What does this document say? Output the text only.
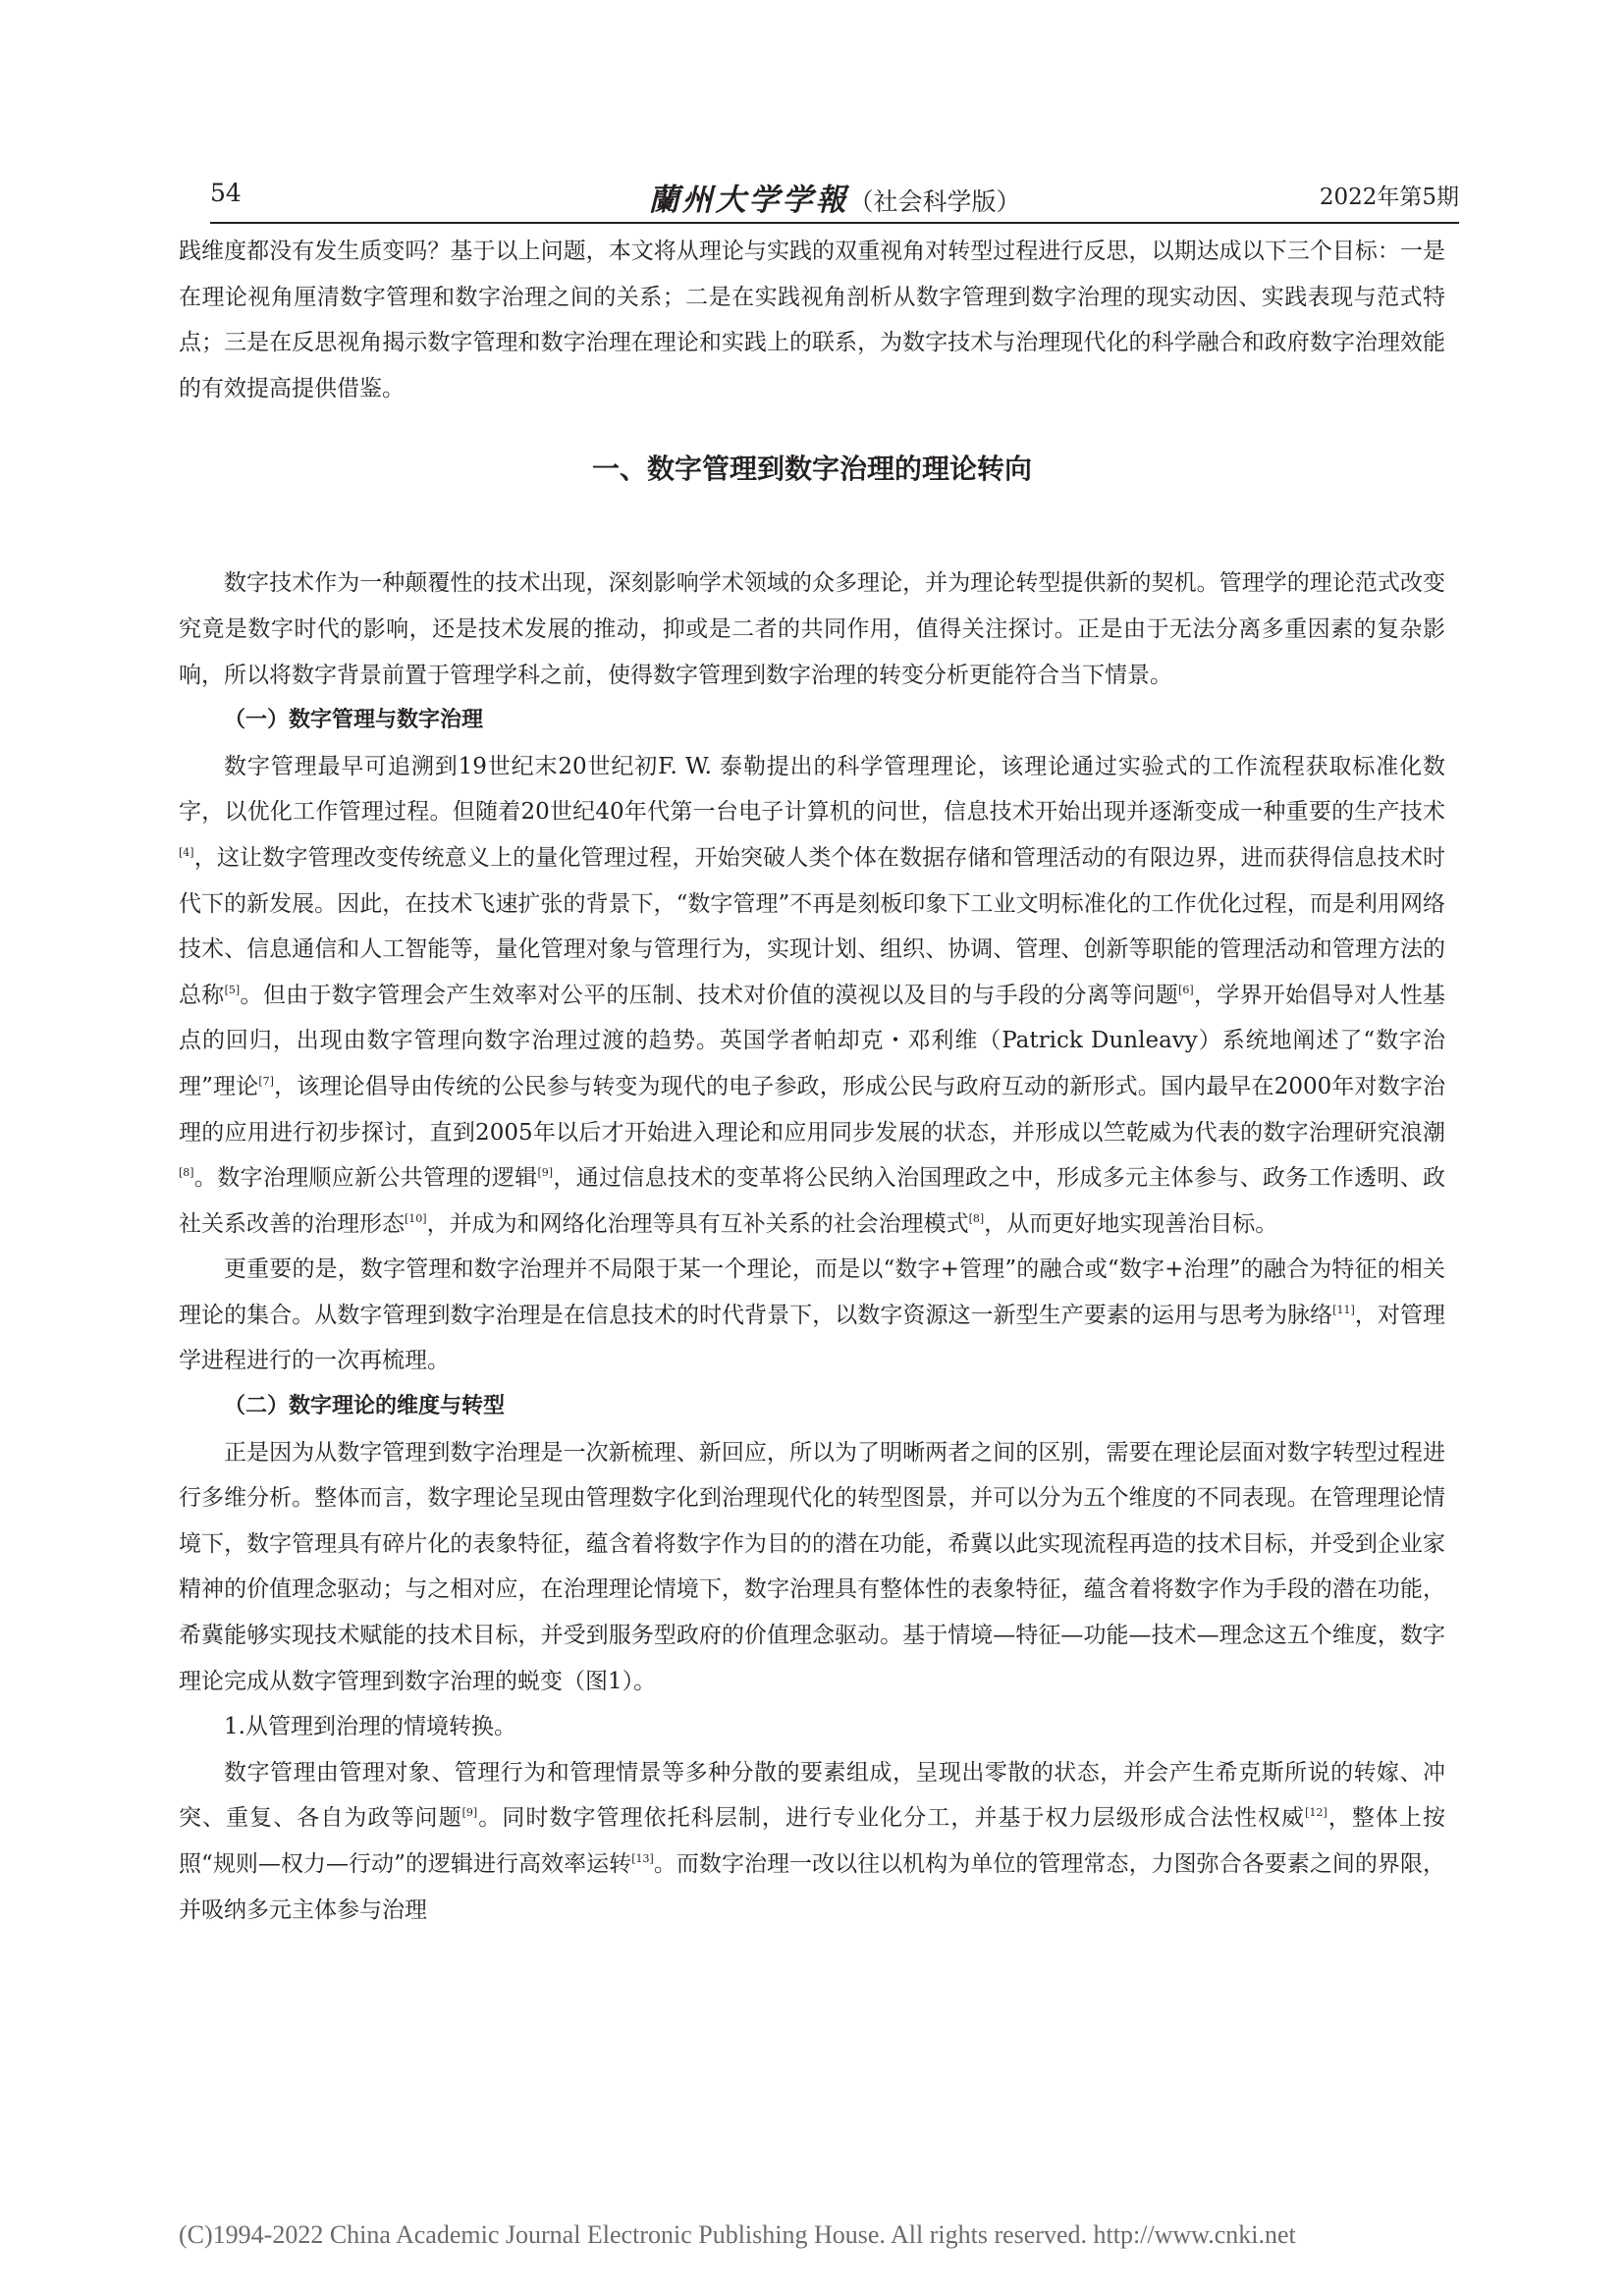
54	蘭州大学学報（社会科学版）	2022年第5期

践维度都没有发生质变吗？基于以上问题，本文将从理论与实践的双重视角对转型过程进行反思，以期达成以下三个目标：一是在理论视角厘清数字管理和数字治理之间的关系；二是在实践视角剖析从数字管理到数字治理的现实动因、实践表现与范式特点；三是在反思视角揭示数字管理和数字治理在理论和实践上的联系，为数字技术与治理现代化的科学融合和政府数字治理效能的有效提高提供借鉴。

一、数字管理到数字治理的理论转向

数字技术作为一种颠覆性的技术出现，深刻影响学术领域的众多理论，并为理论转型提供新的契机。管理学的理论范式改变究竟是数字时代的影响，还是技术发展的推动，抑或是二者的共同作用，值得关注探讨。正是由于无法分离多重因素的复杂影响，所以将数字背景前置于管理学科之前，使得数字管理到数字治理的转变分析更能符合当下情景。

（一）数字管理与数字治理

数字管理最早可追溯到19世纪末20世纪初F. W. 泰勒提出的科学管理理论，该理论通过实验式的工作流程获取标准化数字，以优化工作管理过程。但随着20世纪40年代第一台电子计算机的问世，信息技术开始出现并逐渐变成一种重要的生产技术[4]，这让数字管理改变传统意义上的量化管理过程，开始突破人类个体在数据存储和管理活动的有限边界，进而获得信息技术时代下的新发展。因此，在技术飞速扩张的背景下，“数字管理”不再是刻板印象下工业文明标准化的工作优化过程，而是利用网络技术、信息通信和人工智能等，量化管理对象与管理行为，实现计划、组织、协调、管理、创新等职能的管理活动和管理方法的总称[5]。但由于数字管理会产生效率对公平的压制、技术对价值的漠视以及目的与手段的分离等问题[6]，学界开始倡导对人性基点的回归，出现由数字管理向数字治理过渡的趋势。英国学者帕却克・邓利维（Patrick Dunleavy）系统地阐述了“数字治理”理论[7]，该理论倡导由传统的公民参与转变为现代的电子参政，形成公民与政府互动的新形式。国内最早在2000年对数字治理的应用进行初步探讨，直到2005年以后才开始进入理论和应用同步发展的状态，并形成以竺乾威为代表的数字治理研究浪潮[8]。数字治理顺应新公共管理的逻辑[9]，通过信息技术的变革将公民纳入治国理政之中，形成多元主体参与、政务工作透明、政社关系改善的治理形态[10]，并成为和网络化治理等具有互补关系的社会治理模式[8]，从而更好地实现善治目标。

更重要的是，数字管理和数字治理并不局限于某一个理论，而是以“数字+管理”的融合或“数字+治理”的融合为特征的相关理论的集合。从数字管理到数字治理是在信息技术的时代背景下，以数字资源这一新型生产要素的运用与思考为脉络[11]，对管理学进程进行的一次再梳理。

（二）数字理论的维度与转型

正是因为从数字管理到数字治理是一次新梳理、新回应，所以为了明晰两者之间的区别，需要在理论层面对数字转型过程进行多维分析。整体而言，数字理论呈现由管理数字化到治理现代化的转型图景，并可以分为五个维度的不同表现。在管理理论情境下，数字管理具有碎片化的表象特征，蕴含着将数字作为目的的潜在功能，希冀以此实现流程再造的技术目标，并受到企业家精神的价值理念驱动；与之相对应，在治理理论情境下，数字治理具有整体性的表象特征，蕴含着将数字作为手段的潜在功能，希冀能够实现技术赋能的技术目标，并受到服务型政府的价值理念驱动。基于情境—特征—功能—技术—理念这五个维度，数字理论完成从数字管理到数字治理的蜕变（图1）。

1.从管理到治理的情境转换。

数字管理由管理对象、管理行为和管理情景等多种分散的要素组成，呈现出零散的状态，并会产生希克斯所说的转嫁、冲突、重复、各自为政等问题[9]。同时数字管理依托科层制，进行专业化分工，并基于权力层级形成合法性权威[12]，整体上按照“规则—权力—行动”的逻辑进行高效率运转[13]。而数字治理一改以往以机构为单位的管理常态，力图弥合各要素之间的界限，并吸纳多元主体参与治理

(C)1994-2022 China Academic Journal Electronic Publishing House. All rights reserved. http://www.cnki.net
